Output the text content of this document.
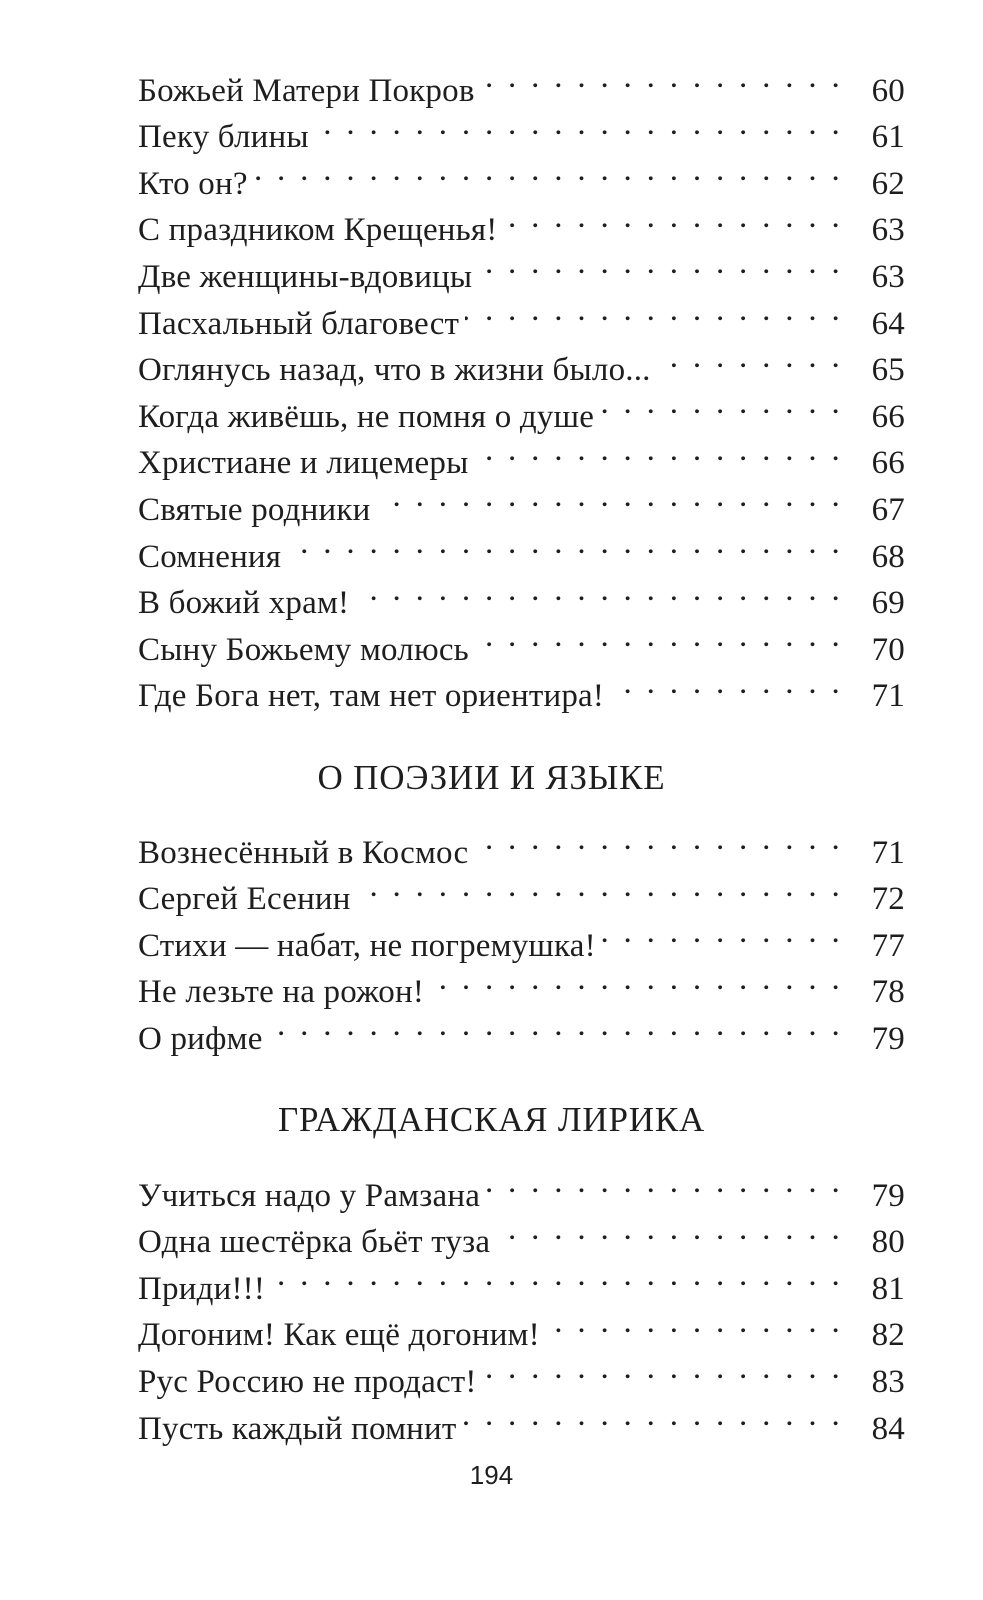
Божьей Матери Покров . . .	60
Пеку блины . . .	61
Кто он? . . .	62
С праздником Крещенья! . . .	63
Две женщины-вдовицы . . .	63
Пасхальный благовест . . .	64
Оглянусь назад, что в жизни было... . . .	65
Когда живёшь, не помня о душе . . .	66
Христиане и лицемеры . . .	66
Святые родники . . .	67
Сомнения . . .	68
В божий храм! . . .	69
Сыну Божьему молюсь . . .	70
Где Бога нет, там нет ориентира! . . .	71
О ПОЭЗИИ И ЯЗЫКЕ
Вознесённый в Космос . . .	71
Сергей Есенин . . .	72
Стихи — набат, не погремушка! . . .	77
Не лезьте на рожон! . . .	78
О рифме . . .	79
ГРАЖДАНСКАЯ ЛИРИКА
Учиться надо у Рамзана . . .	79
Одна шестёрка бьёт туза . . .	80
Приди!!! . . .	81
Догоним! Как ещё догоним! . . .	82
Рус Россию не продаст! . . .	83
Пусть каждый помнит . . .	84
194
